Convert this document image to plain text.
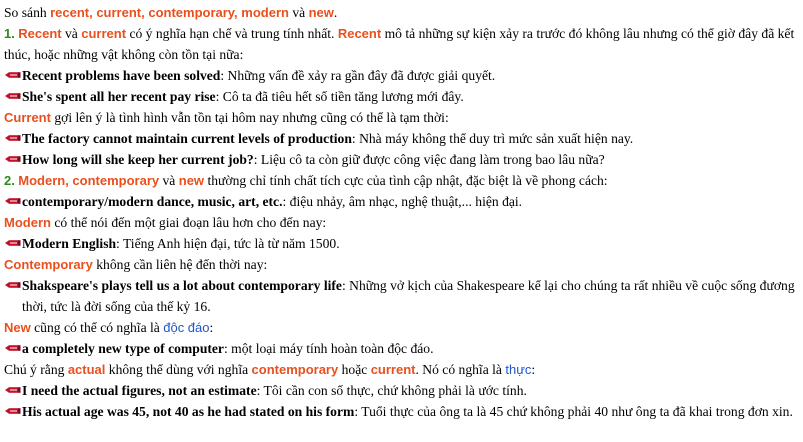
So sánh recent, current, contemporary, modern và new.
1. Recent và current có ý nghĩa hạn chế và trung tính nhất. Recent mô tả những sự kiện xảy ra trước đó không lâu nhưng có thể giờ đây đã kết thúc, hoặc những vật không còn tồn tại nữa:
Recent problems have been solved: Những vấn đề xảy ra gần đây đã được giải quyết.
She's spent all her recent pay rise: Cô ta đã tiêu hết số tiền tăng lương mới đây.
Current gợi lên ý là tình hình vẫn tồn tại hôm nay nhưng cũng có thể là tạm thời:
The factory cannot maintain current levels of production: Nhà máy không thể duy trì mức sản xuất hiện nay.
How long will she keep her current job?: Liệu cô ta còn giữ được công việc đang làm trong bao lâu nữa?
2. Modern, contemporary và new thường chỉ tính chất tích cực của tình cập nhật, đặc biệt là về phong cách:
contemporary/modern dance, music, art, etc.: điệu nhảy, âm nhạc, nghệ thuật,... hiện đại.
Modern có thể nói đến một giai đoạn lâu hơn cho đến nay:
Modern English: Tiếng Anh hiện đại, tức là từ năm 1500.
Contemporary không cần liên hệ đến thời nay:
Shakspeare's plays tell us a lot about contemporary life: Những vở kịch của Shakespeare kể lại cho chúng ta rất nhiều về cuộc sống đương thời, tức là đời sống của thế kỷ 16.
New cũng có thể có nghĩa là độc đáo:
a completely new type of computer: một loại máy tính hoàn toàn độc đáo.
Chú ý rằng actual không thể dùng với nghĩa contemporary hoặc current. Nó có nghĩa là thực:
I need the actual figures, not an estimate: Tôi cần con số thực, chứ không phải là ước tính.
His actual age was 45, not 40 as he had stated on his form: Tuổi thực của ông ta là 45 chứ không phải 40 như ông ta đã khai trong đơn xin.
